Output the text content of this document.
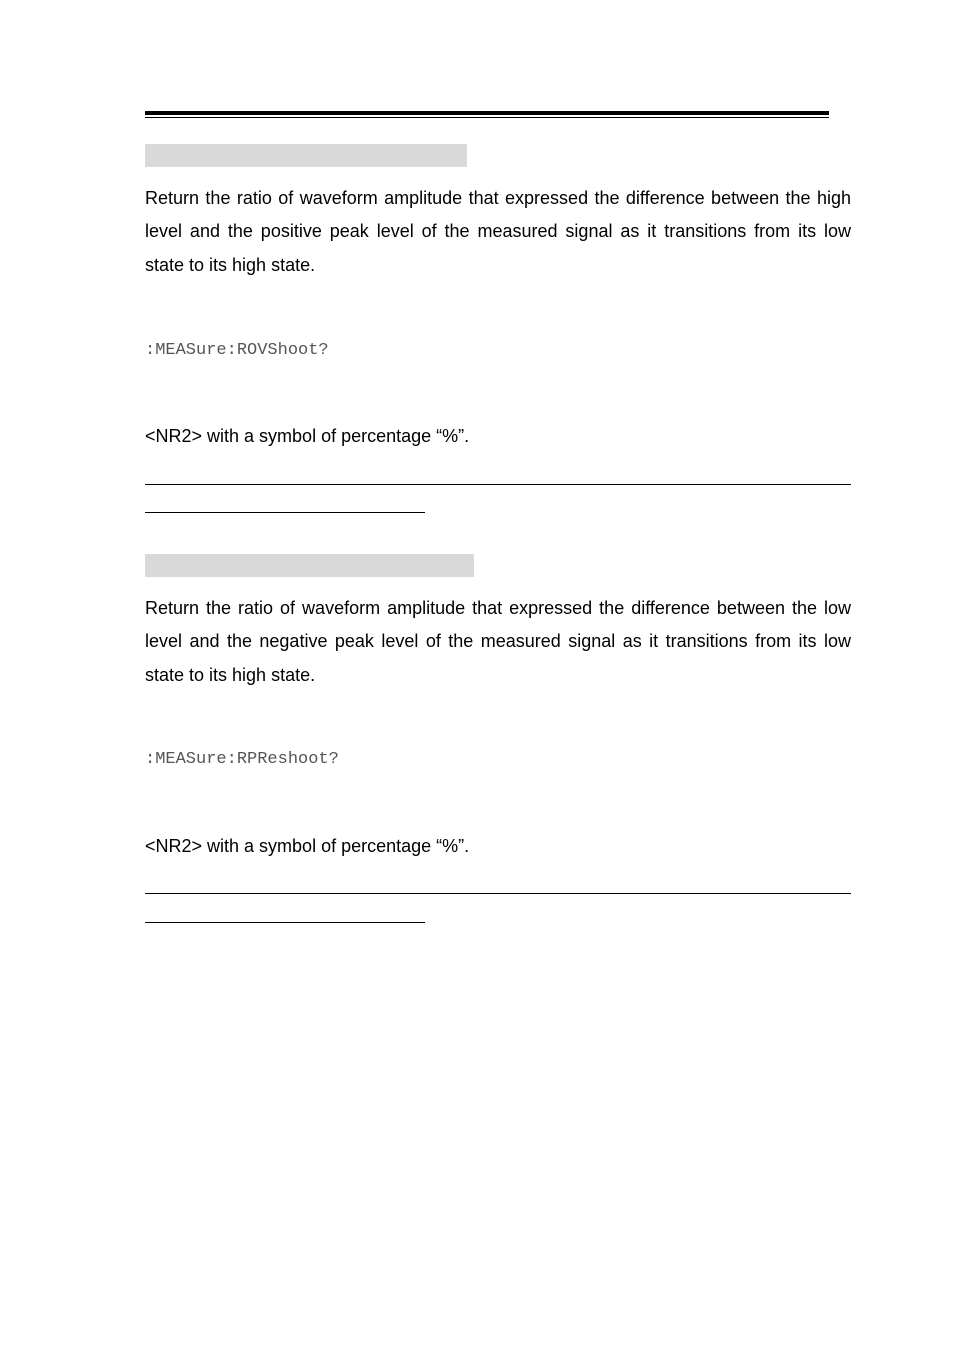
Return the ratio of waveform amplitude that expressed the difference between the high level and the positive peak level of the measured signal as it transitions from its low state to its high state.

:MEASure:ROVShoot?
<NR2> with a symbol of percentage “%”.

Return the ratio of waveform amplitude that expressed the difference between the low level and the negative peak level of the measured signal as it transitions from its low state to its high state.

:MEASure:RPReshoot?
<NR2> with a symbol of percentage “%”.
